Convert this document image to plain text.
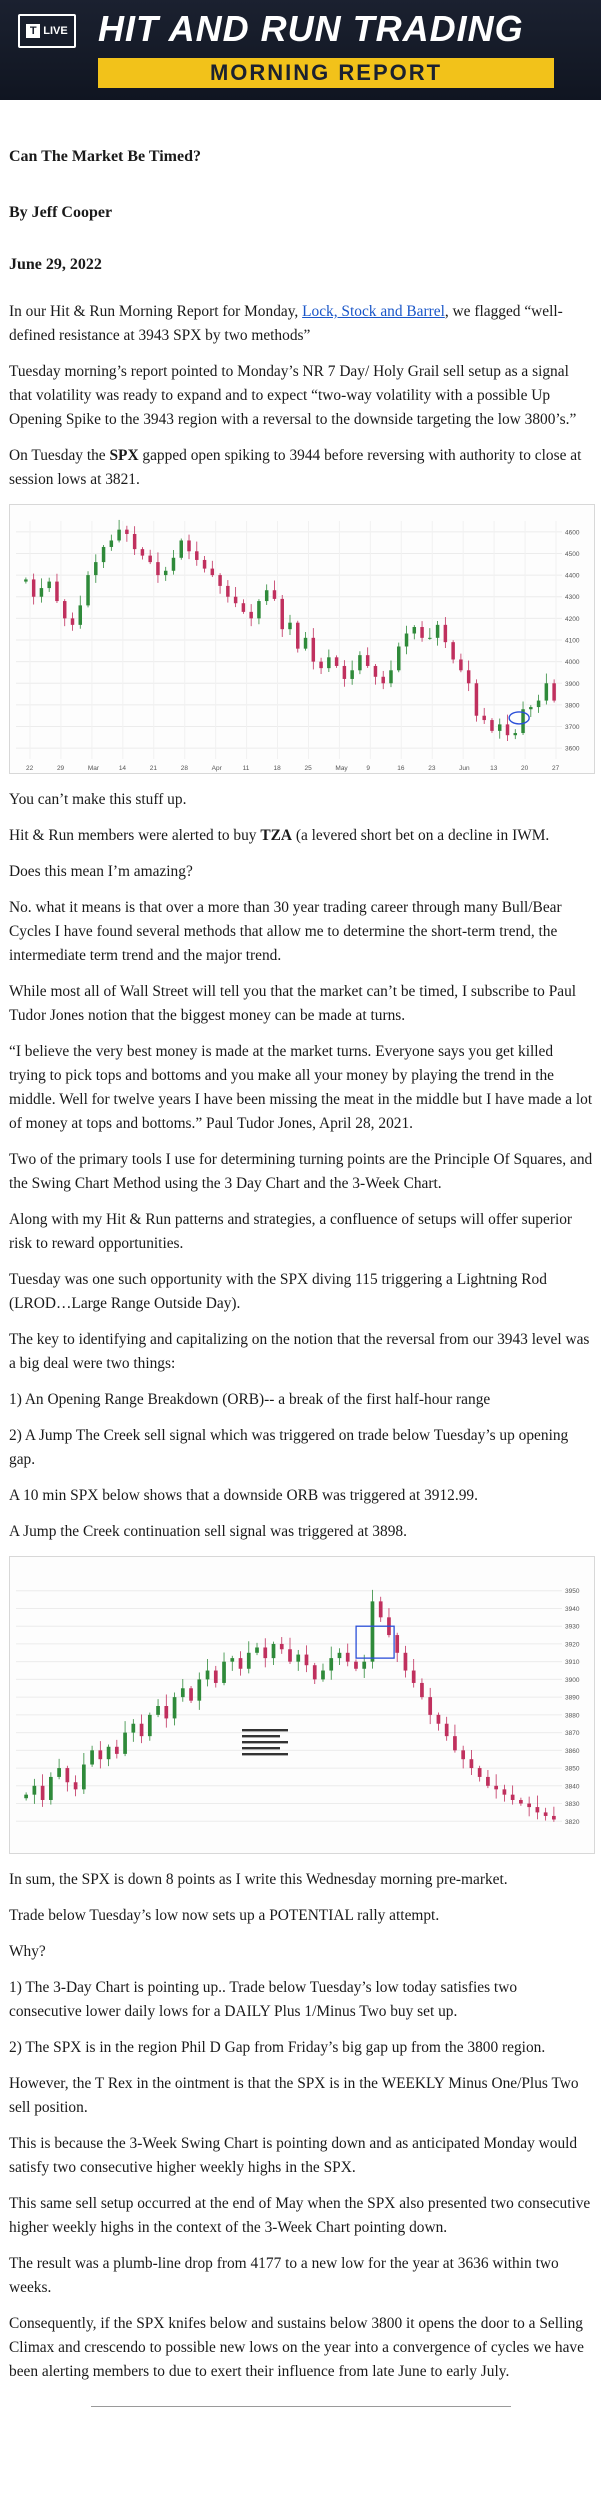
T LIVE HIT AND RUN TRADING
MORNING REPORT
Can The Market Be Timed?

By Jeff Cooper

June 29, 2022

In our Hit & Run Morning Report for Monday, Lock, Stock and Barrel, we flagged “well-defined resistance at 3943 SPX by two methods”

Tuesday morning’s report pointed to Monday’s NR 7 Day/ Holy Grail sell setup as a signal that volatility was ready to expand and to expect “two-way volatility with a possible Up Opening Spike to the 3943 region with a reversal to the downside targeting the low 3800’s.”

On Tuesday the SPX gapped open spiking to 3944 before reversing with authority to close at session lows at 3821.

4600
4500
4400
4300
4200
4100
4000
3900
3800
3700
3600
22	29	Mar	14	21	28	Apr	11	18	25	May	9	16	23	Jun	13	20	27

You can’t make this stuff up.

Hit & Run members were alerted to buy TZA (a levered short bet on a decline in IWM.

Does this mean I’m amazing?

No. what it means is that over a more than 30 year trading career through many Bull/Bear Cycles I have found several methods that allow me to determine the short-term trend, the intermediate term trend and the major trend.

While most all of Wall Street will tell you that the market can’t be timed, I subscribe to Paul Tudor Jones notion that the biggest money can be made at turns.

“I believe the very best money is made at the market turns. Everyone says you get killed trying to pick tops and bottoms and you make all your money by playing the trend in the middle. Well for twelve years I have been missing the meat in the middle but I have made a lot of money at tops and bottoms.” Paul Tudor Jones, April 28, 2021.

Two of the primary tools I use for determining turning points are the Principle Of Squares, and the Swing Chart Method using the 3 Day Chart and the 3-Week Chart.

Along with my Hit & Run patterns and strategies, a confluence of setups will offer superior risk to reward opportunities.

Tuesday was one such opportunity with the SPX diving 115 triggering a Lightning Rod (LROD…Large Range Outside Day).

The key to identifying and capitalizing on the notion that the reversal from our 3943 level was a big deal were two things:

1) An Opening Range Breakdown (ORB)-- a break of the first half-hour range

2) A Jump The Creek sell signal which was triggered on trade below Tuesday’s up opening gap.

A 10 min SPX below shows that a downside ORB was triggered at 3912.99.

A Jump the Creek continuation sell signal was triggered at 3898.

3950
3940
3930
3920
3910
3900
3890
3880
3870
3860
3850
3840
3830
3820

In sum, the SPX is down 8 points as I write this Wednesday morning pre-market.

Trade below Tuesday’s low now sets up a POTENTIAL rally attempt.

Why?

1) The 3-Day Chart is pointing up.. Trade below Tuesday’s low today satisfies two consecutive lower daily lows for a DAILY Plus 1/Minus Two buy set up.

2) The SPX is in the region Phil D Gap from Friday’s big gap up from the 3800 region.

However, the T Rex in the ointment is that the SPX is in the WEEKLY Minus One/Plus Two sell position.

This is because the 3-Week Swing Chart is pointing down and as anticipated Monday would satisfy two consecutive higher weekly highs in the SPX.

This same sell setup occurred at the end of May when the SPX also presented two consecutive higher weekly highs in the context of the 3-Week Chart pointing down.

The result was a plumb-line drop from 4177 to a new low for the year at 3636 within two weeks.

Consequently, if the SPX knifes below and sustains below 3800 it opens the door to a Selling Climax and crescendo to possible new lows on the year into a convergence of cycles we have been alerting members to due to exert their influence from late June to early July.
